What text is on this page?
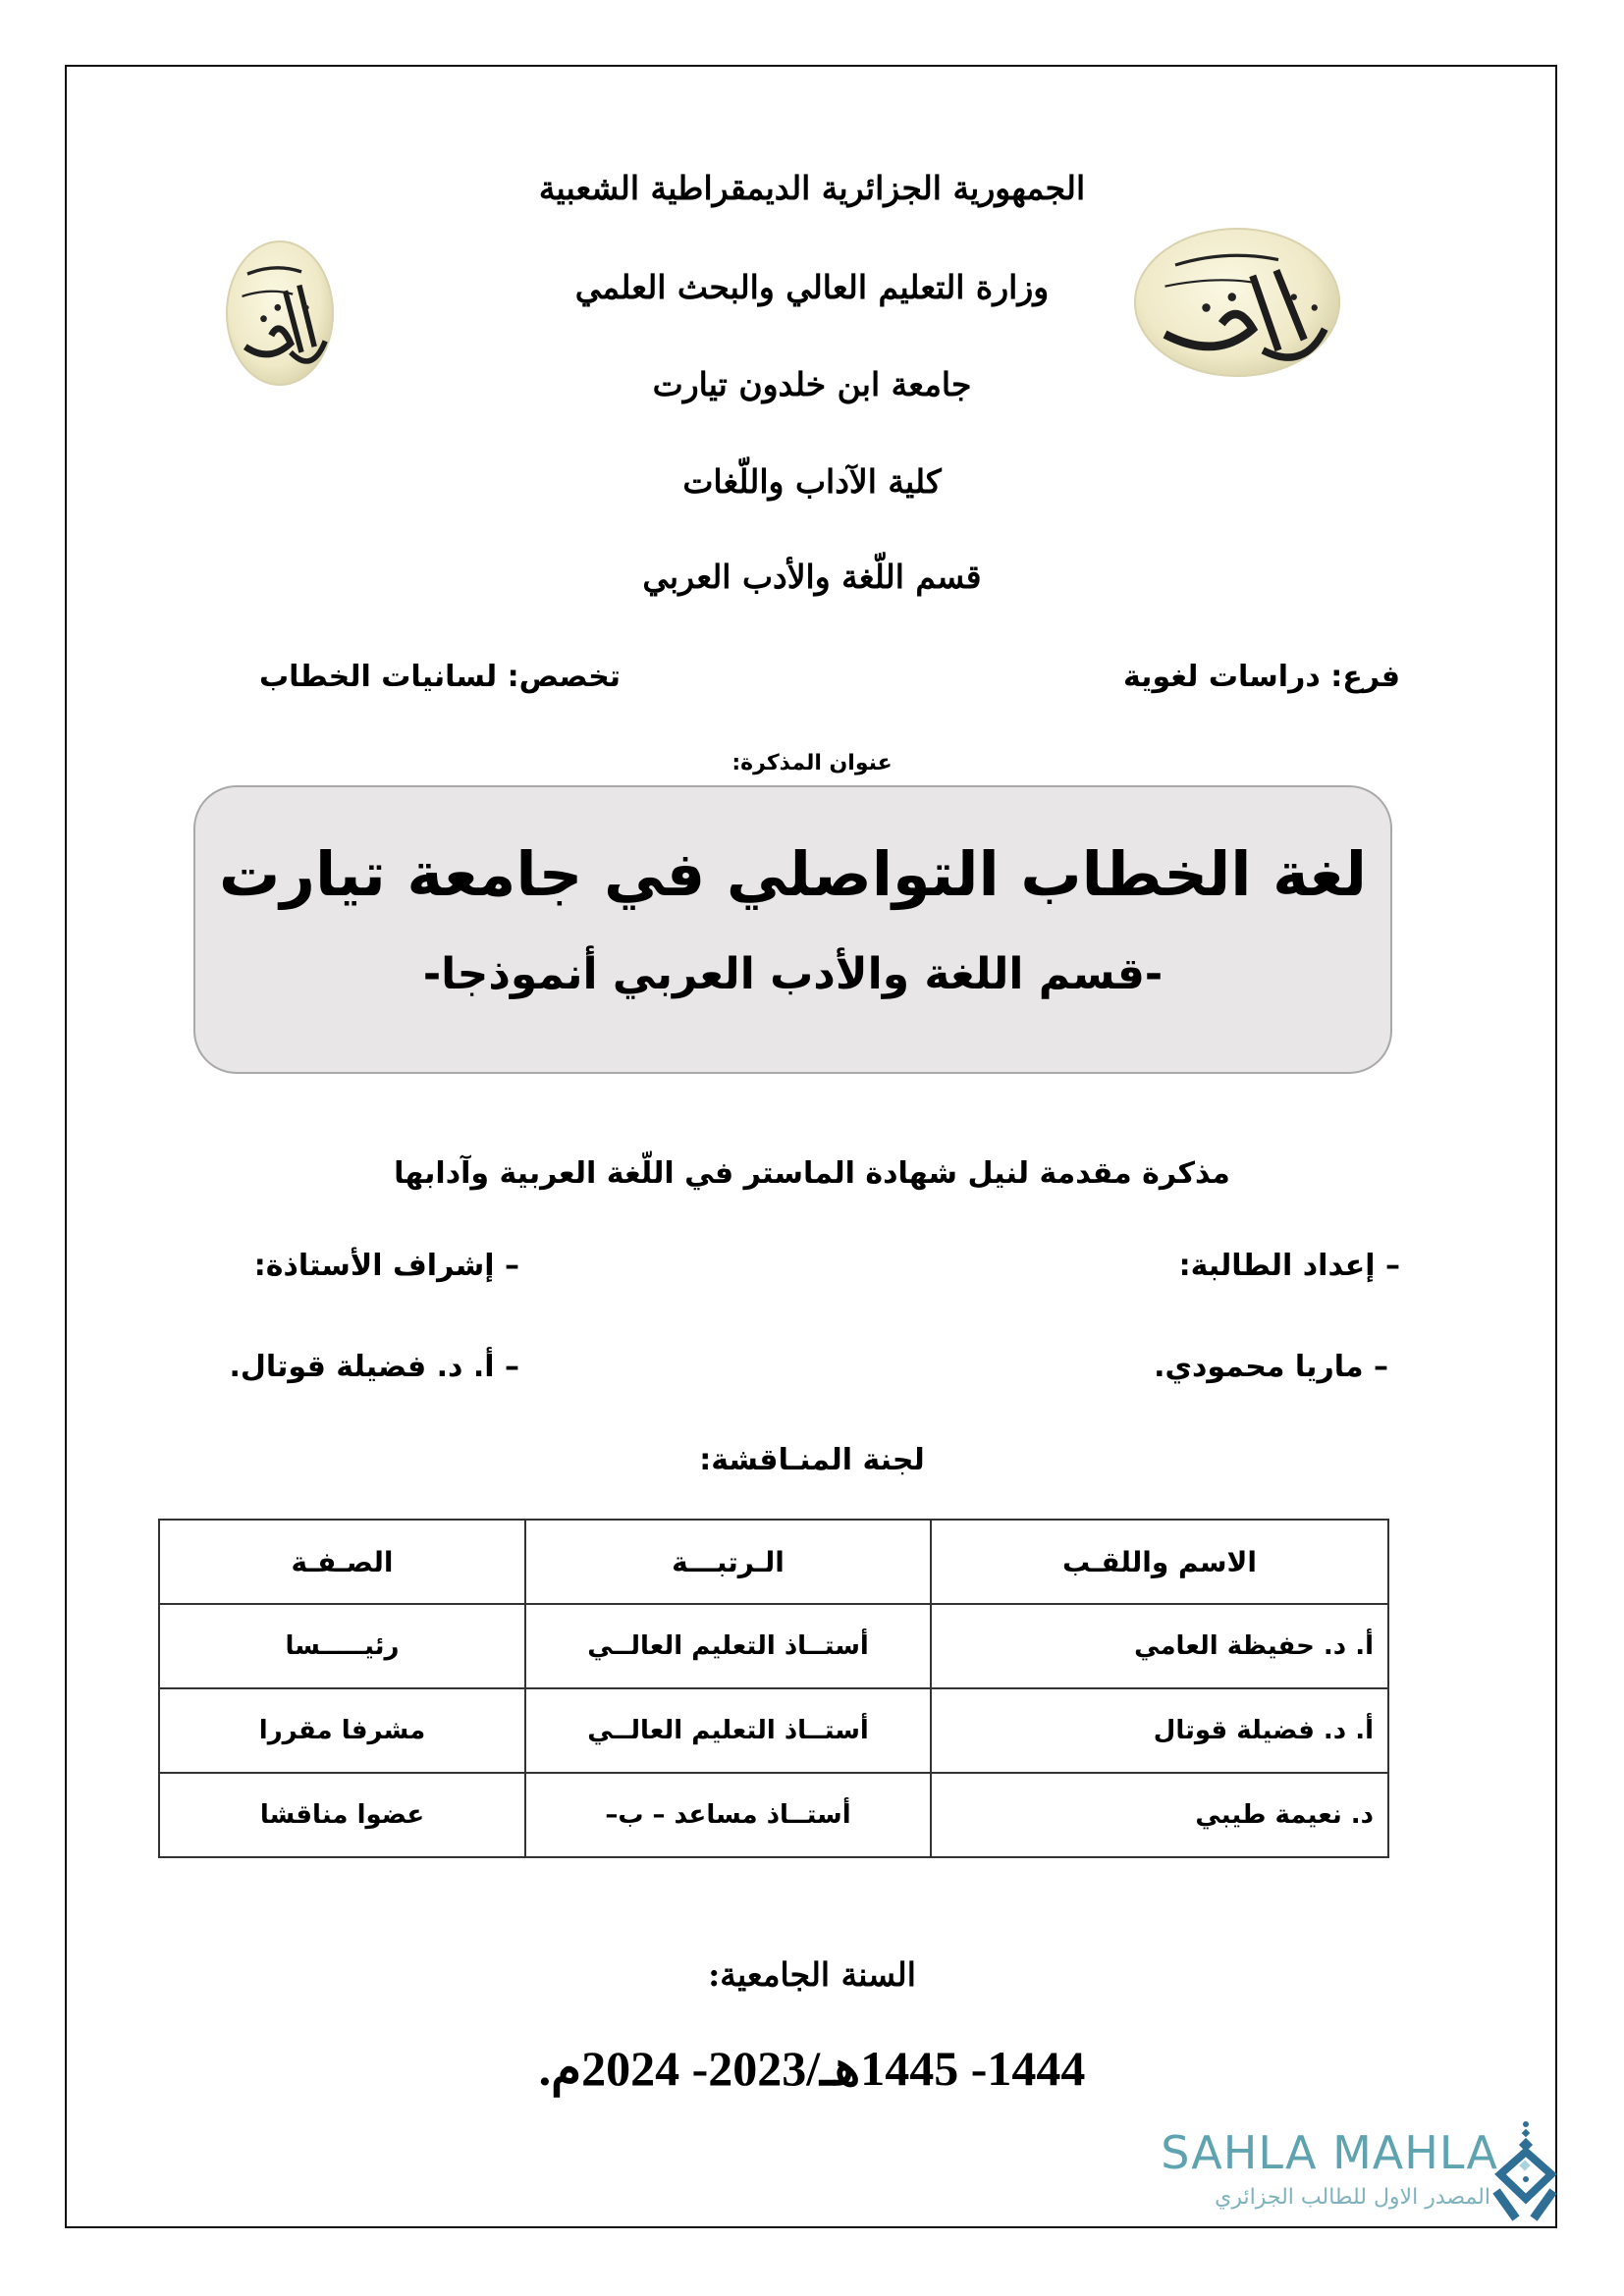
الجمهورية الجزائرية الديمقراطية الشعبية
وزارة التعليم العالي والبحث العلمي
جامعة ابن خلدون تيارت
كلية الآداب واللّغات
قسم اللّغة والأدب العربي
فرع: دراسات لغوية
تخصص: لسانيات الخطاب
عنوان المذكرة:
لغة الخطاب التواصلي في جامعة تيارت
-قسم اللغة والأدب العربي أنموذجا-
مذكرة مقدمة لنيل شهادة الماستر في اللّغة العربية وآدابها
– إعداد الطالبة:
– إشراف الأستاذة:
– ماريا محمودي.
– أ. د. فضيلة قوتال.
لجنة المنـاقشة:
الاسم واللقـب	الـرتبـــة	الصـفـة
أ. د. حفيظة العامي	أستــاذ التعليم العالــي	رئيـــــسا
أ. د. فضيلة قوتال	أستــاذ التعليم العالــي	مشرفا مقررا
د. نعيمة طيبي	أستــاذ مساعد – ب–	عضوا مناقشا
السنة الجامعية:
1444- 1445هـ/2023- 2024م.
SAHLA MAHLA
المصدر الاول للطالب الجزائري
